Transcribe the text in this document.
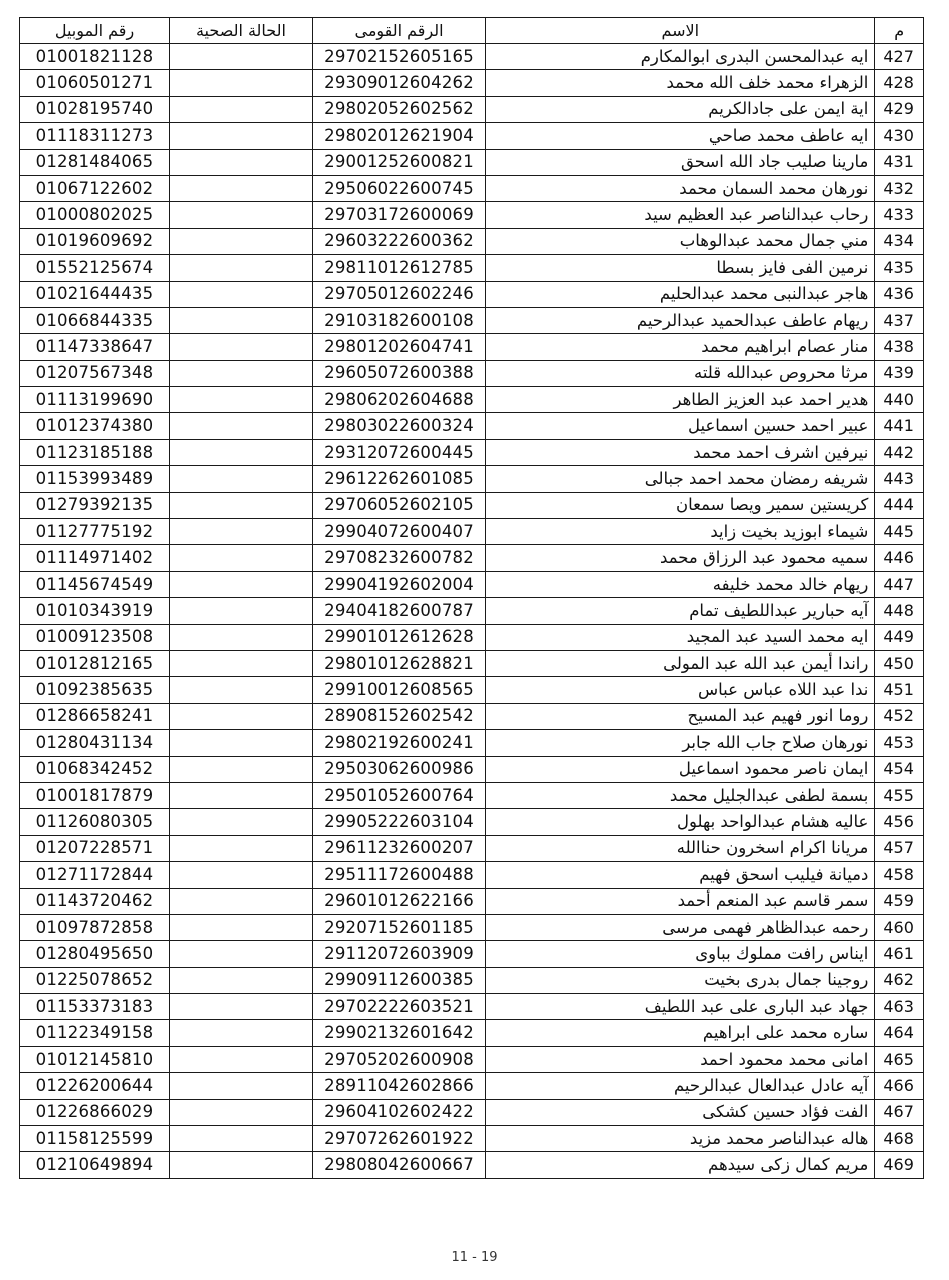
م	الاسم	الرقم القومى	الحالة الصحية	رقم الموبيل
427	ايه عبدالمحسن البدرى ابوالمكارم	29702152605165		01001821128
428	الزهراء محمد خلف الله محمد	29309012604262		01060501271
429	اية ايمن على جادالكريم	29802052602562		01028195740
430	ايه عاطف محمد صاحي	29802012621904		01118311273
431	مارينا صليب جاد الله اسحق	29001252600821		01281484065
432	نورهان محمد السمان محمد	29506022600745		01067122602
433	رحاب عبدالناصر عبد العظيم سيد	29703172600069		01000802025
434	مني جمال محمد عبدالوهاب	29603222600362		01019609692
435	نرمين الفى فايز بسطا	29811012612785		01552125674
436	هاجر عبدالنبى محمد عبدالحليم	29705012602246		01021644435
437	ريهام عاطف عبدالحميد عبدالرحيم	29103182600108		01066844335
438	منار عصام ابراهيم محمد	29801202604741		01147338647
439	مرثا محروص عبدالله قلته	29605072600388		01207567348
440	هدير احمد عبد العزيز الطاهر	29806202604688		01113199690
441	عبير احمد حسين اسماعيل	29803022600324		01012374380
442	نيرفين اشرف احمد محمد	29312072600445		01123185188
443	شريفه رمضان محمد احمد جبالى	29612262601085		01153993489
444	كريستين سمير ويصا سمعان	29706052602105		01279392135
445	شيماء ابوزيد بخيت زايد	29904072600407		01127775192
446	سميه محمود عبد الرزاق محمد	29708232600782		01114971402
447	ريهام خالد محمد خليفه	29904192602004		01145674549
448	آيه حبارير عبداللطيف تمام	29404182600787		01010343919
449	ايه محمد السيد عبد المجيد	29901012612628		01009123508
450	راندا أيمن عبد الله عبد المولى	29801012628821		01012812165
451	ندا عبد اللاه عباس عباس	29910012608565		01092385635
452	روما انور فهيم عبد المسيح	28908152602542		01286658241
453	نورهان صلاح جاب الله جابر	29802192600241		01280431134
454	ايمان ناصر محمود اسماعيل	29503062600986		01068342452
455	بسمة لطفى عبدالجليل محمد	29501052600764		01001817879
456	عاليه هشام عبدالواحد بهلول	29905222603104		01126080305
457	مريانا اكرام اسخرون حناالله	29611232600207		01207228571
458	دميانة فيليب اسحق فهيم	29511172600488		01271172844
459	سمر قاسم عبد المنعم أحمد	29601012622166		01143720462
460	رحمه عبدالظاهر فهمى مرسى	29207152601185		01097872858
461	ايناس رافت مملوك بباوى	29112072603909		01280495650
462	روجينا جمال بدرى بخيت	29909112600385		01225078652
463	جهاد عبد البارى على عبد اللطيف	29702222603521		01153373183
464	ساره محمد على ابراهيم	29902132601642		01122349158
465	امانى محمد محمود احمد	29705202600908		01012145810
466	آيه عادل عبدالعال عبدالرحيم	28911042602866		01226200644
467	الفت فؤاد حسين كشكى	29604102602422		01226866029
468	هاله عبدالناصر محمد مزيد	29707262601922		01158125599
469	مريم كمال زكى سيدهم	29808042600667		01210649894
11 - 19
